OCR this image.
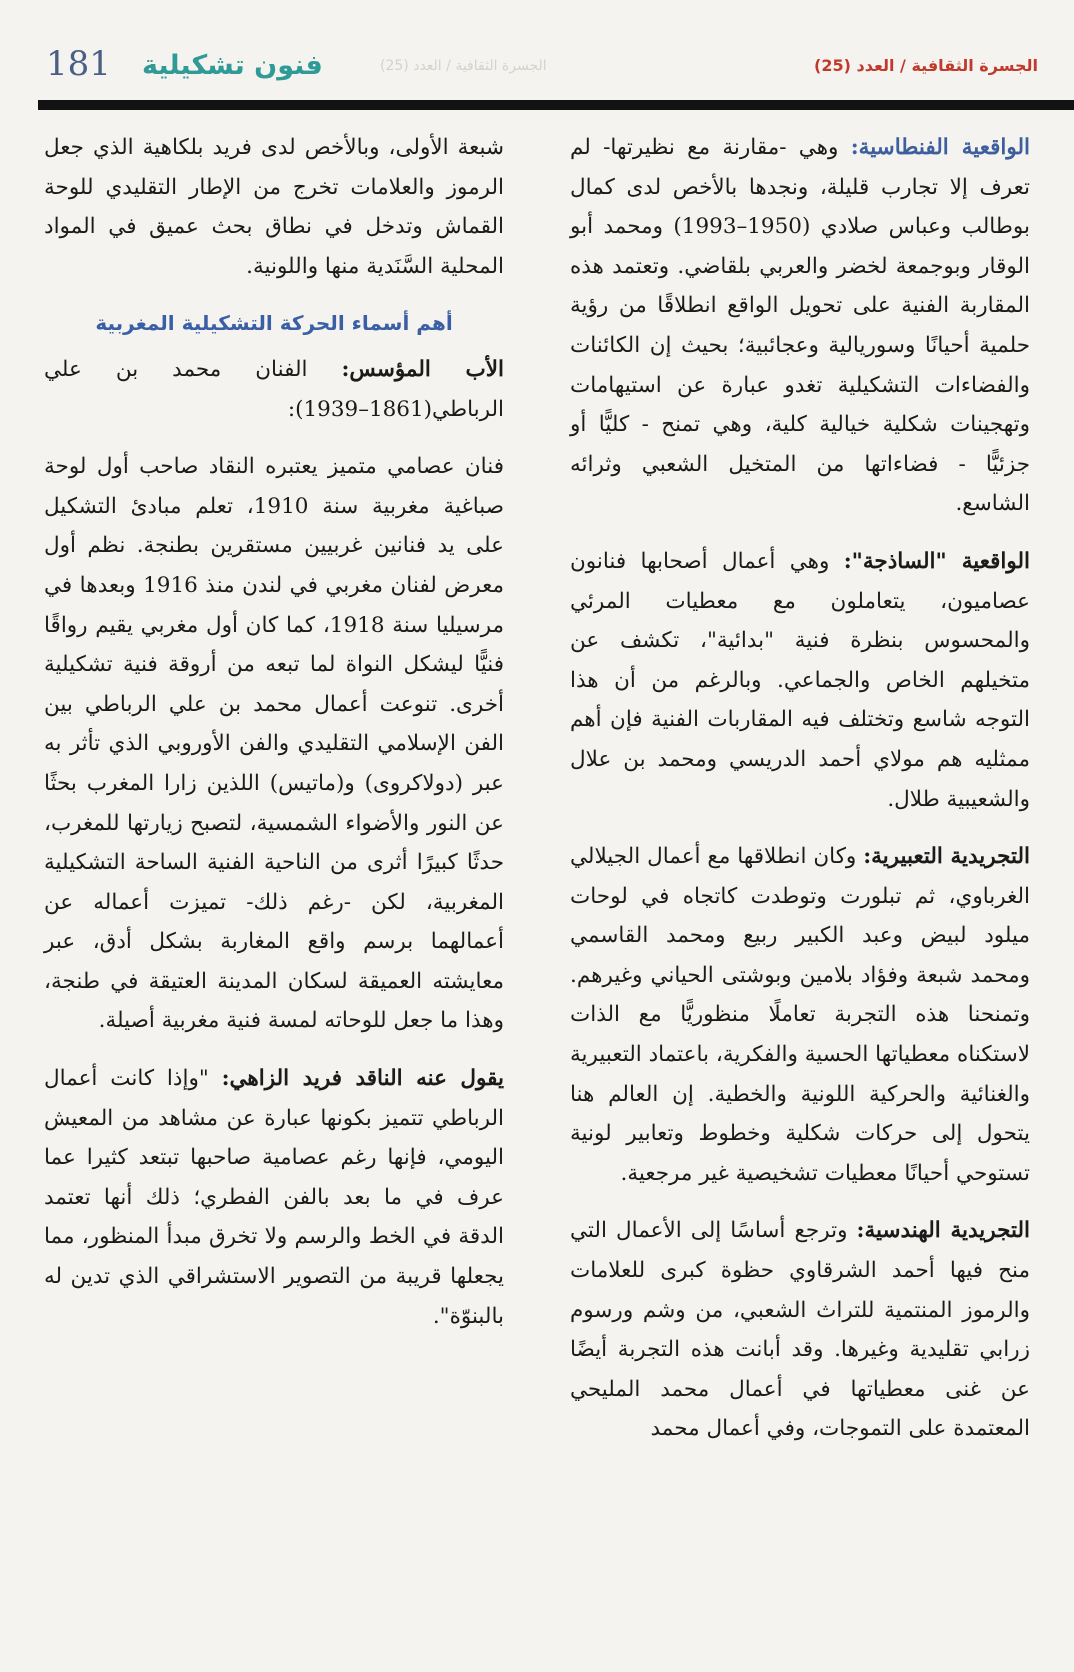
181 فنون تشكيلية	الجسرة الثقافية / العدد (25)	الجسرة الثقافية / العدد (25)

الواقعية الفنطاسية: وهي -مقارنة مع نظيرتها- لم تعرف إلا تجارب قليلة، ونجدها بالأخص لدى كمال بوطالب وعباس صلادي (1950–1993) ومحمد أبو الوقار وبوجمعة لخضر والعربي بلقاضي. وتعتمد هذه المقاربة الفنية على تحويل الواقع انطلاقًا من رؤية حلمية أحيانًا وسوريالية وعجائبية؛ بحيث إن الكائنات والفضاءات التشكيلية تغدو عبارة عن استيهامات وتهجينات شكلية خيالية كلية، وهي تمنح - كليًّا أو جزئيًّا - فضاءاتها من المتخيل الشعبي وثرائه الشاسع.

الواقعية "الساذجة": وهي أعمال أصحابها فنانون عصاميون، يتعاملون مع معطيات المرئي والمحسوس بنظرة فنية "بدائية"، تكشف عن متخيلهم الخاص والجماعي. وبالرغم من أن هذا التوجه شاسع وتختلف فيه المقاربات الفنية فإن أهم ممثليه هم مولاي أحمد الدريسي ومحمد بن علال والشعيبية طلال.

التجريدية التعبيرية: وكان انطلاقها مع أعمال الجيلالي الغرباوي، ثم تبلورت وتوطدت كاتجاه في لوحات ميلود لبيض وعبد الكبير ربيع ومحمد القاسمي ومحمد شبعة وفؤاد بلامين وبوشتى الحياني وغيرهم. وتمنحنا هذه التجربة تعاملًا منظوريًّا مع الذات لاستكناه معطياتها الحسية والفكرية، باعتماد التعبيرية والغنائية والحركية اللونية والخطية. إن العالم هنا يتحول إلى حركات شكلية وخطوط وتعابير لونية تستوحي أحيانًا معطيات تشخيصية غير مرجعية.

التجريدية الهندسية: وترجع أساسًا إلى الأعمال التي منح فيها أحمد الشرقاوي حظوة كبرى للعلامات والرموز المنتمية للتراث الشعبي، من وشم ورسوم زرابي تقليدية وغيرها. وقد أبانت هذه التجربة أيضًا عن غنى معطياتها في أعمال محمد المليحي المعتمدة على التموجات، وفي أعمال محمد

شبعة الأولى، وبالأخص لدى فريد بلكاهية الذي جعل الرموز والعلامات تخرج من الإطار التقليدي للوحة القماش وتدخل في نطاق بحث عميق في المواد المحلية السَّنَدية منها واللونية.

أهم أسماء الحركة التشكيلية المغربية

الأب المؤسس: الفنان محمد بن علي الرباطي(1861–1939):

فنان عصامي متميز يعتبره النقاد صاحب أول لوحة صباغية مغربية سنة 1910، تعلم مبادئ التشكيل على يد فنانين غربيين مستقرين بطنجة. نظم أول معرض لفنان مغربي في لندن منذ 1916 وبعدها في مرسيليا سنة 1918، كما كان أول مغربي يقيم رواقًا فنيًّا ليشكل النواة لما تبعه من أروقة فنية تشكيلية أخرى. تنوعت أعمال محمد بن علي الرباطي بين الفن الإسلامي التقليدي والفن الأوروبي الذي تأثر به عبر (دولاكروى) و(ماتيس) اللذين زارا المغرب بحثًا عن النور والأضواء الشمسية، لتصبح زيارتها للمغرب، حدثًا كبيرًا أثرى من الناحية الفنية الساحة التشكيلية المغربية، لكن -رغم ذلك- تميزت أعماله عن أعمالهما برسم واقع المغاربة بشكل أدق، عبر معايشته العميقة لسكان المدينة العتيقة في طنجة، وهذا ما جعل للوحاته لمسة فنية مغربية أصيلة.

يقول عنه الناقد فريد الزاهي: "وإذا كانت أعمال الرباطي تتميز بكونها عبارة عن مشاهد من المعيش اليومي، فإنها رغم عصامية صاحبها تبتعد كثيرا عما عرف في ما بعد بالفن الفطري؛ ذلك أنها تعتمد الدقة في الخط والرسم ولا تخرق مبدأ المنظور، مما يجعلها قريبة من التصوير الاستشراقي الذي تدين له بالبنوّة".
